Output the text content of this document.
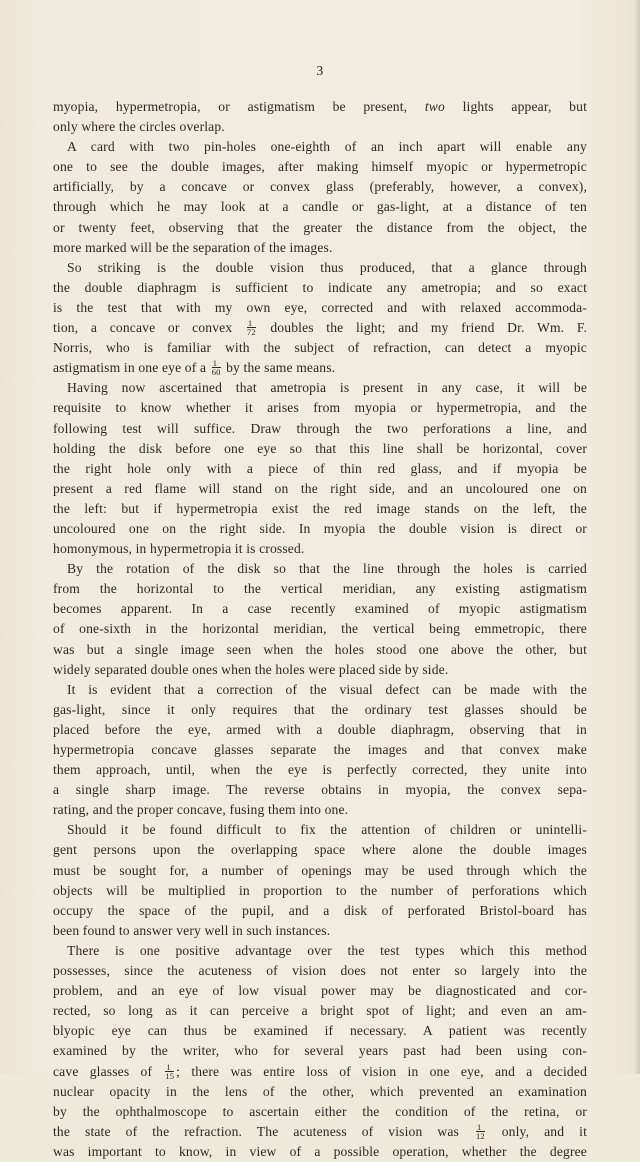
3
myopia, hypermetropia, or astigmatism be present, two lights appear, but
only where the circles overlap.
A card with two pin-holes one-eighth of an inch apart will enable any
one to see the double images, after making himself myopic or hypermetropic
artificially, by a concave or convex glass (preferably, however, a convex),
through which he may look at a candle or gas-light, at a distance of ten
or twenty feet, observing that the greater the distance from the object, the
more marked will be the separation of the images.
So striking is the double vision thus produced, that a glance through
the double diaphragm is sufficient to indicate any ametropia; and so exact
is the test that with my own eye, corrected and with relaxed accommoda-
tion, a concave or convex $\frac{1}{72}$ doubles the light; and my friend Dr. Wm. F.
Norris, who is familiar with the subject of refraction, can detect a myopic
astigmatism in one eye of a $\frac{1}{60}$ by the same means.
Having now ascertained that ametropia is present in any case, it will be
requisite to know whether it arises from myopia or hypermetropia, and the
following test will suffice. Draw through the two perforations a line, and
holding the disk before one eye so that this line shall be horizontal, cover
the right hole only with a piece of thin red glass, and if myopia be
present a red flame will stand on the right side, and an uncoloured one on
the left: but if hypermetropia exist the red image stands on the left, the
uncoloured one on the right side. In myopia the double vision is direct or
homonymous, in hypermetropia it is crossed.
By the rotation of the disk so that the line through the holes is carried
from the horizontal to the vertical meridian, any existing astigmatism
becomes apparent. In a case recently examined of myopic astigmatism
of one-sixth in the horizontal meridian, the vertical being emmetropic, there
was but a single image seen when the holes stood one above the other, but
widely separated double ones when the holes were placed side by side.
It is evident that a correction of the visual defect can be made with the
gas-light, since it only requires that the ordinary test glasses should be
placed before the eye, armed with a double diaphragm, observing that in
hypermetropia concave glasses separate the images and that convex make
them approach, until, when the eye is perfectly corrected, they unite into
a single sharp image. The reverse obtains in myopia, the convex sepa-
rating, and the proper concave, fusing them into one.
Should it be found difficult to fix the attention of children or unintelli-
gent persons upon the overlapping space where alone the double images
must be sought for, a number of openings may be used through which the
objects will be multiplied in proportion to the number of perforations which
occupy the space of the pupil, and a disk of perforated Bristol-board has
been found to answer very well in such instances.
There is one positive advantage over the test types which this method
possesses, since the acuteness of vision does not enter so largely into the
problem, and an eye of low visual power may be diagnosticated and cor-
rected, so long as it can perceive a bright spot of light; and even an am-
blyopic eye can thus be examined if necessary. A patient was recently
examined by the writer, who for several years past had been using con-
cave glasses of $\frac{1}{15}$ ; there was entire loss of vision in one eye, and a decided
nuclear opacity in the lens of the other, which prevented an examination
by the ophthalmoscope to ascertain either the condition of the retina, or
the state of the refraction. The acuteness of vision was $\frac{1}{12}$ only, and it
was important to know, in view of a possible operation, whether the degree
